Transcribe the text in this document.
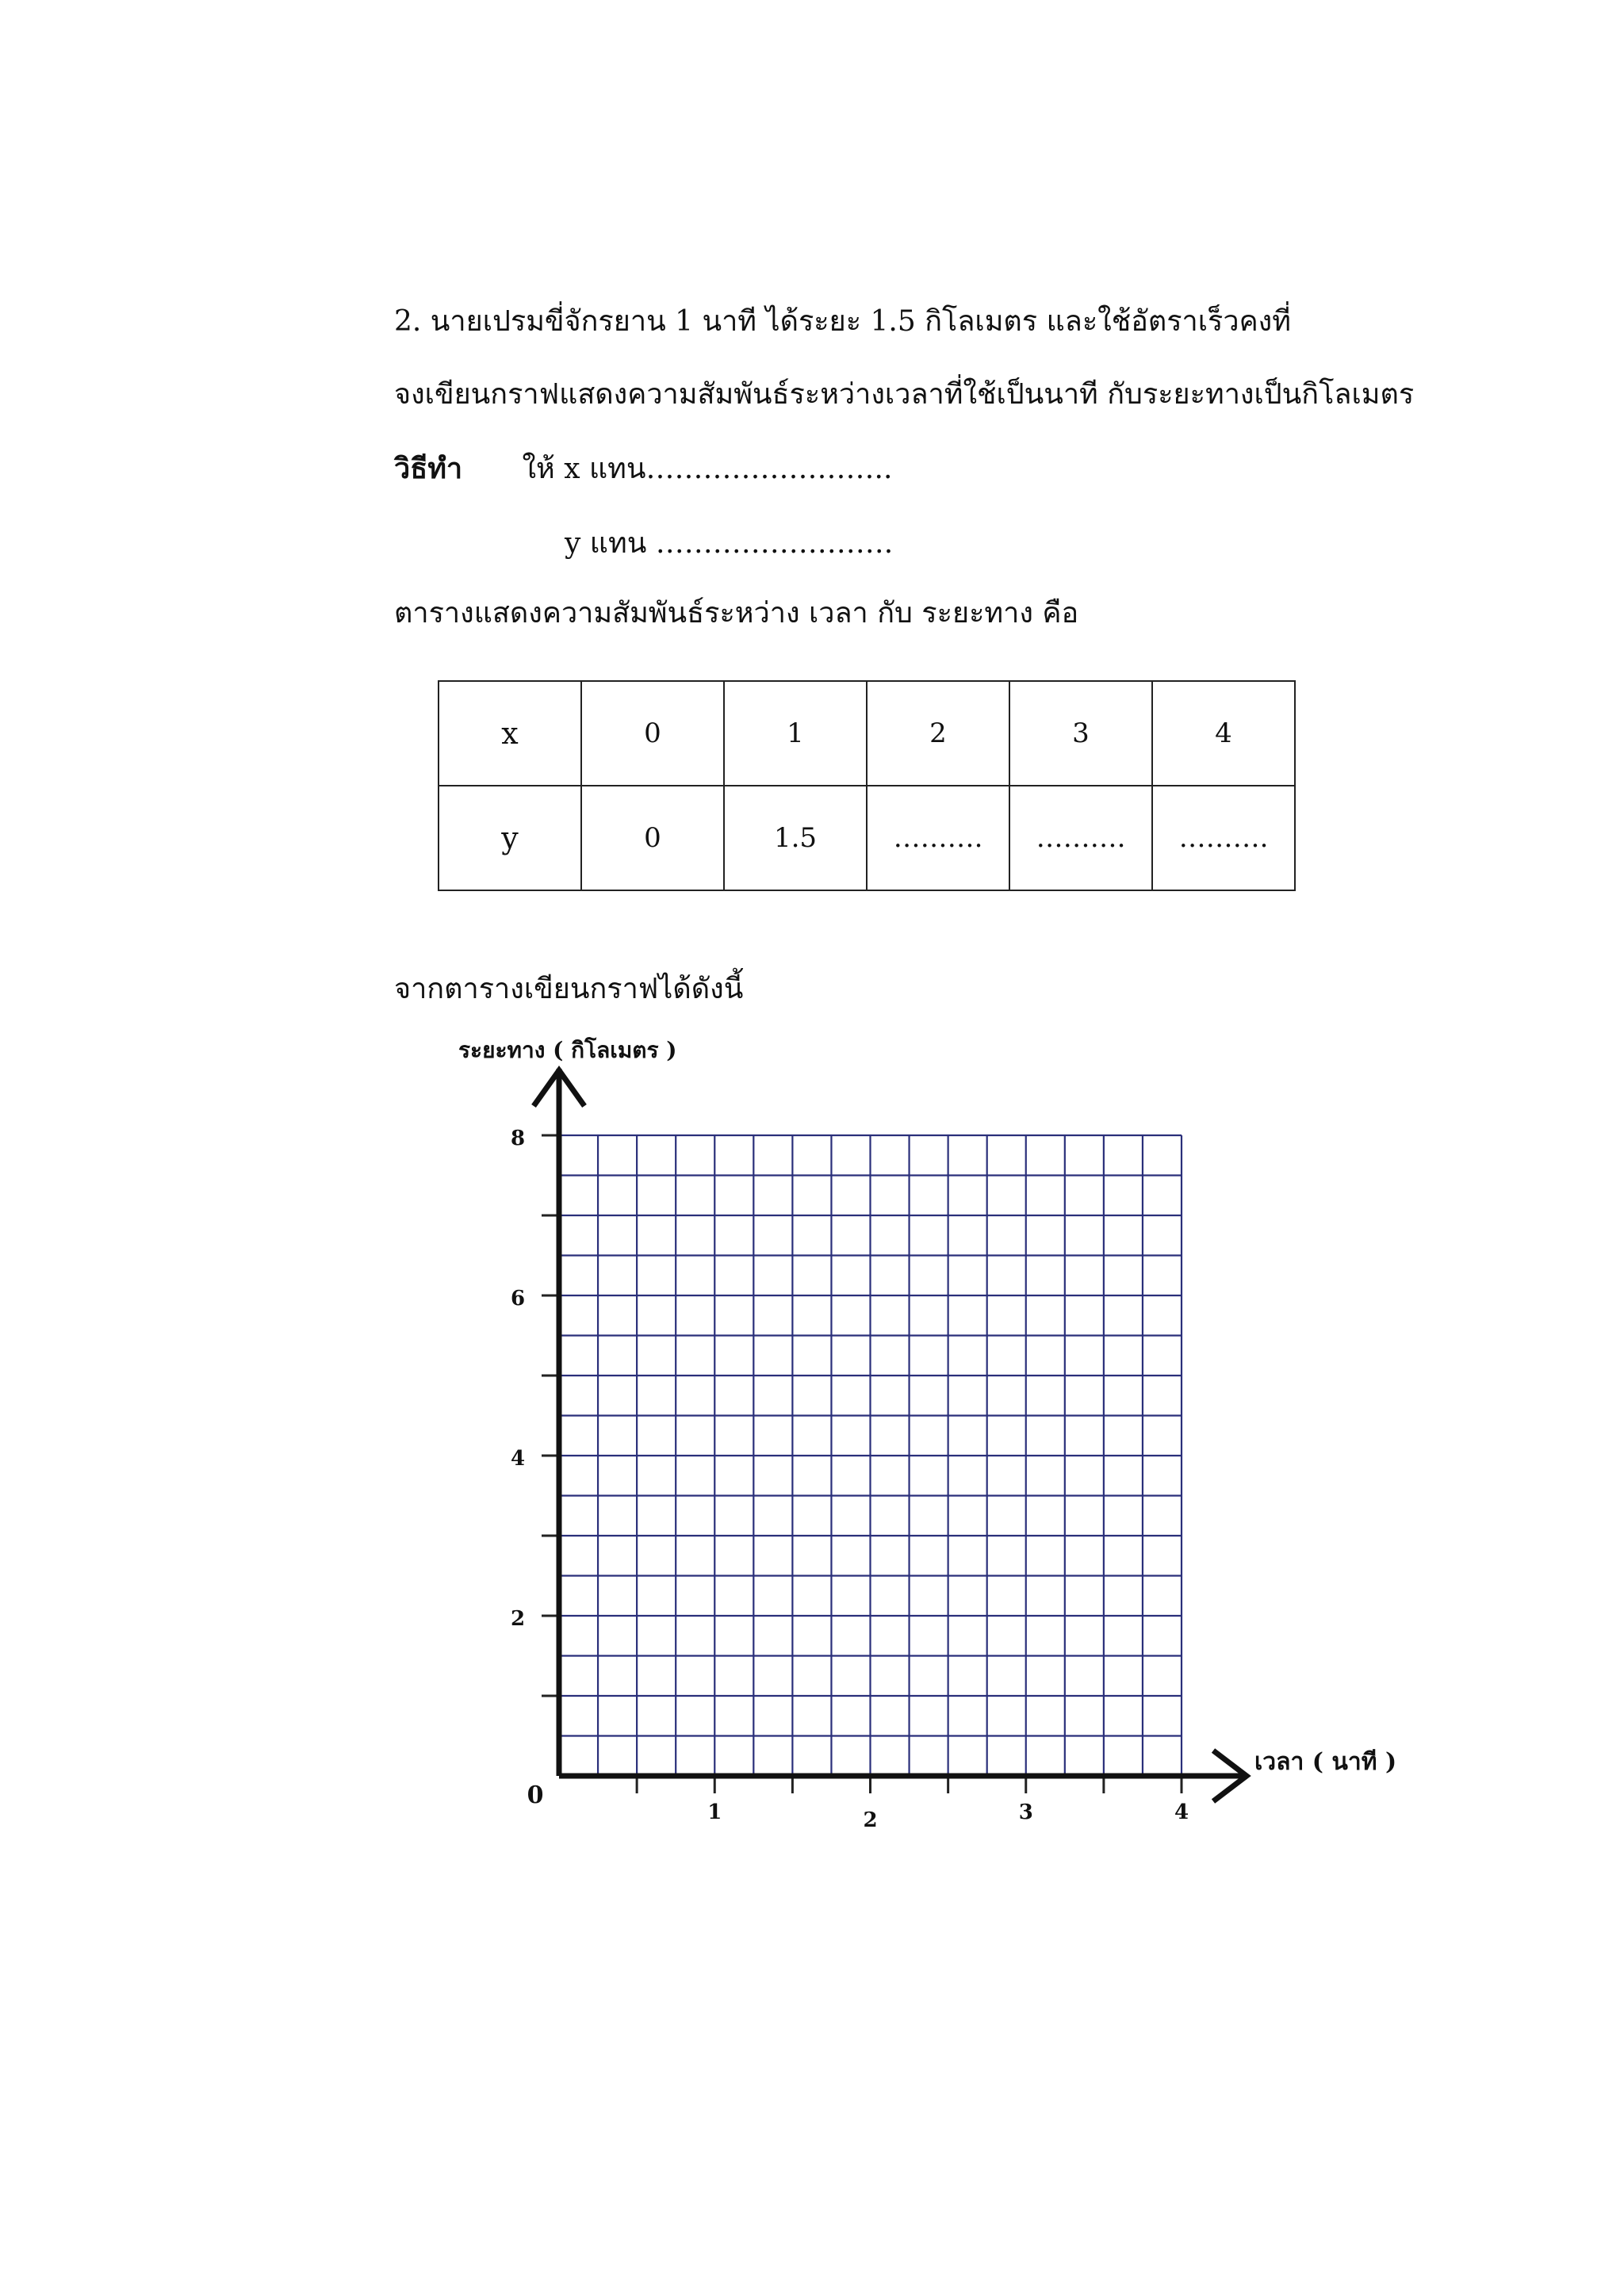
2. นายเปรมขี่จักรยาน 1 นาที ได้ระยะ 1.5 กิโลเมตร และใช้อัตราเร็วคงที่
จงเขียนกราฟแสดงความสัมพันธ์ระหว่างเวลาที่ใช้เป็นนาที กับระยะทางเป็นกิโลเมตร
วิธีทำ ให้ x แทน……………………..
y แทน …………………….
ตารางแสดงความสัมพันธ์ระหว่าง เวลา กับ ระยะทาง คือ
x	0	1	2	3	4
y	0	1.5	……….	……….	……….
จากตารางเขียนกราฟได้ดังนี้
1	2	3	4
2
4
6
8
0
ระยะทาง ( กิโลเมตร )
เวลา ( นาที )
